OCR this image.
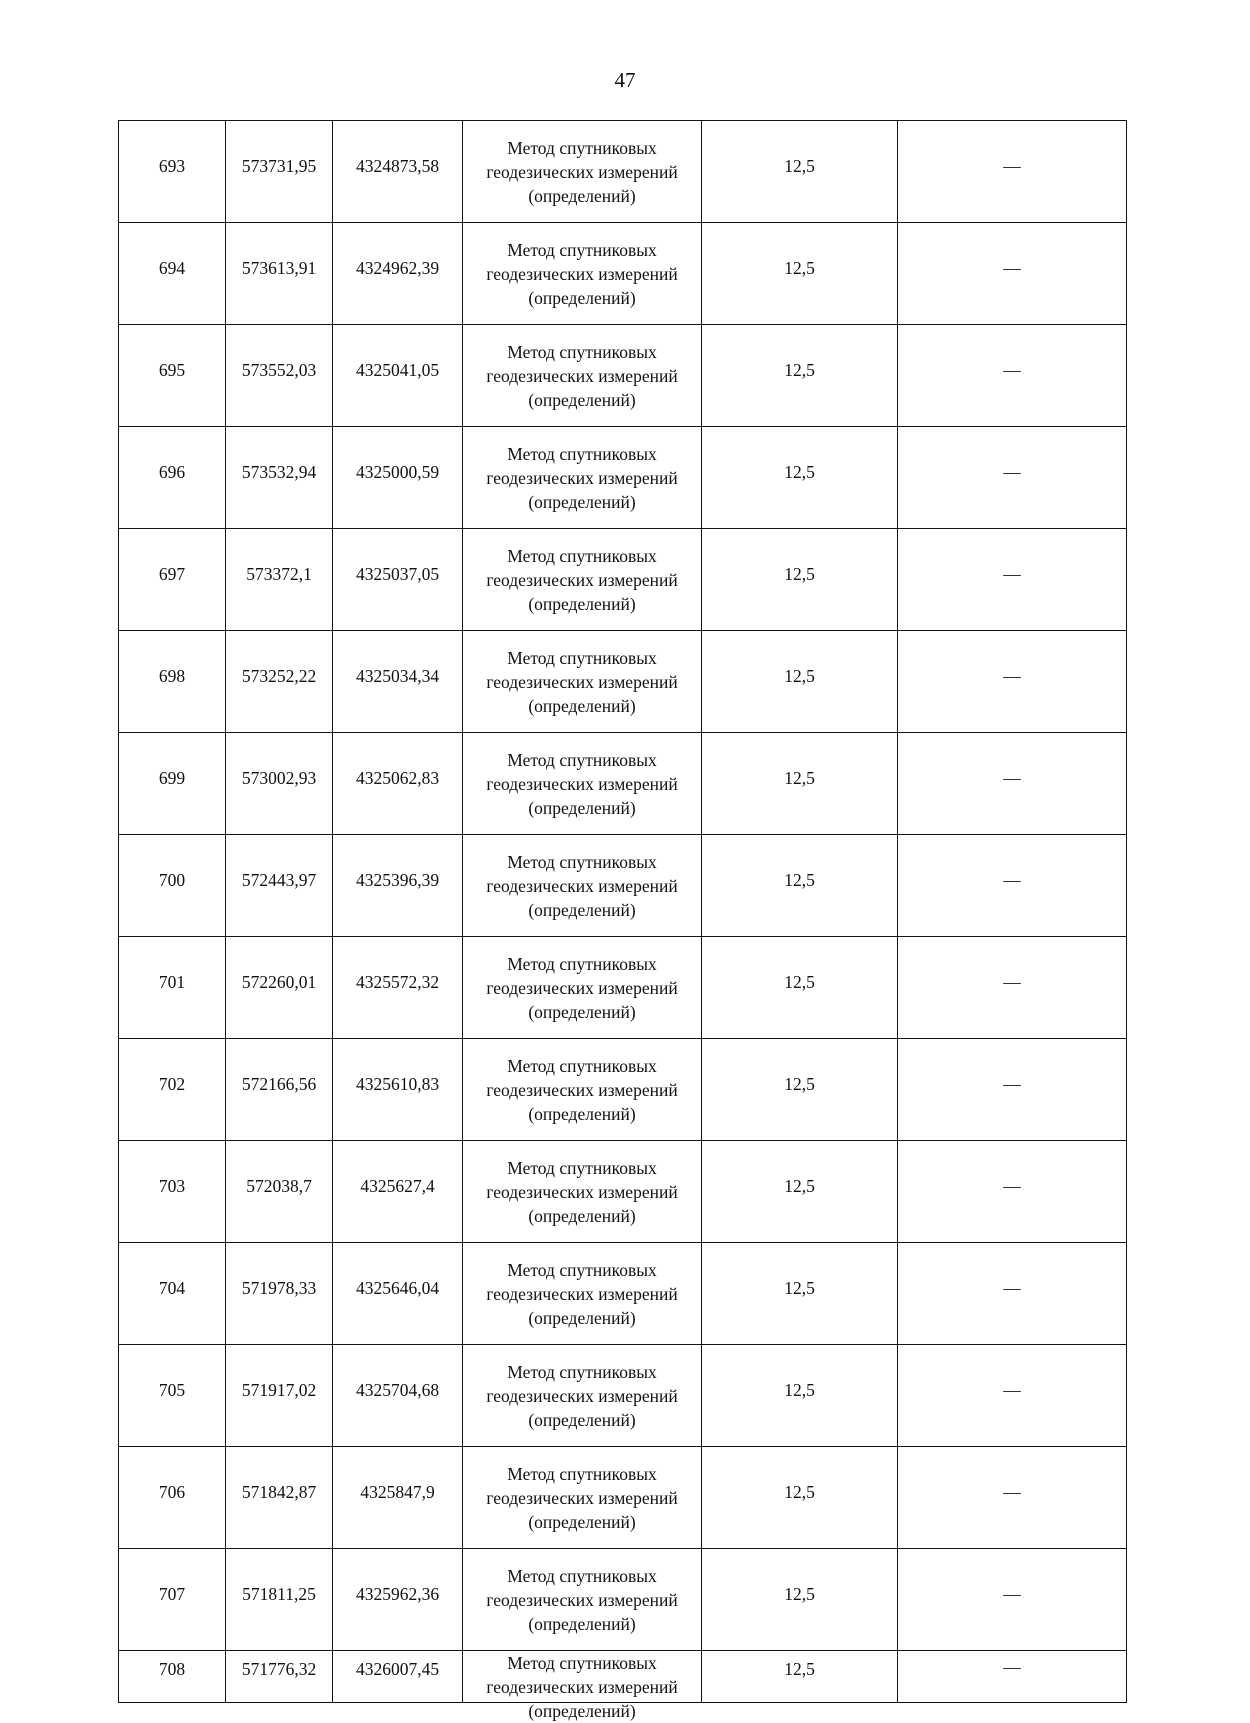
47
693	573731,95	4324873,58	Метод спутниковых
геодезических измерений
(определений)	12,5	—
694	573613,91	4324962,39	Метод спутниковых
геодезических измерений
(определений)	12,5	—
695	573552,03	4325041,05	Метод спутниковых
геодезических измерений
(определений)	12,5	—
696	573532,94	4325000,59	Метод спутниковых
геодезических измерений
(определений)	12,5	—
697	573372,1	4325037,05	Метод спутниковых
геодезических измерений
(определений)	12,5	—
698	573252,22	4325034,34	Метод спутниковых
геодезических измерений
(определений)	12,5	—
699	573002,93	4325062,83	Метод спутниковых
геодезических измерений
(определений)	12,5	—
700	572443,97	4325396,39	Метод спутниковых
геодезических измерений
(определений)	12,5	—
701	572260,01	4325572,32	Метод спутниковых
геодезических измерений
(определений)	12,5	—
702	572166,56	4325610,83	Метод спутниковых
геодезических измерений
(определений)	12,5	—
703	572038,7	4325627,4	Метод спутниковых
геодезических измерений
(определений)	12,5	—
704	571978,33	4325646,04	Метод спутниковых
геодезических измерений
(определений)	12,5	—
705	571917,02	4325704,68	Метод спутниковых
геодезических измерений
(определений)	12,5	—
706	571842,87	4325847,9	Метод спутниковых
геодезических измерений
(определений)	12,5	—
707	571811,25	4325962,36	Метод спутниковых
геодезических измерений
(определений)	12,5	—
708	571776,32	4326007,45	Метод спутниковых
геодезических измерений
(определений)	12,5	—
